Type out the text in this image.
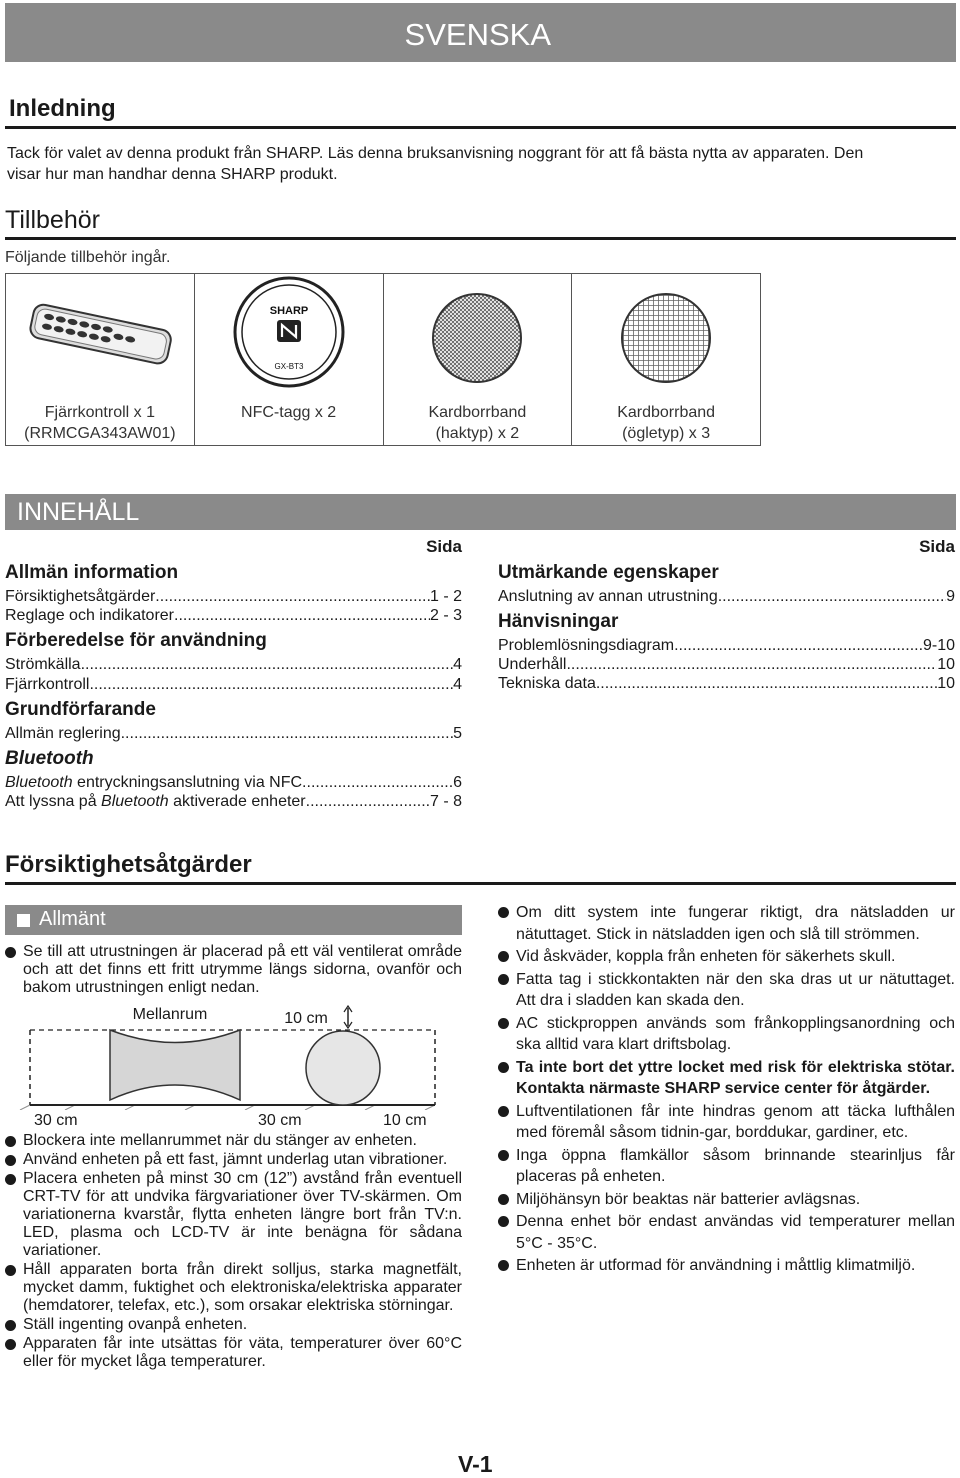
SVENSKA
Inledning
Tack för valet av denna produkt från SHARP. Läs denna bruksanvisning noggrant för att få bästa nytta av apparaten. Den
visar hur man handhar denna SHARP produkt.
Tillbehör
Följande tillbehör ingår.
Fjärrkontroll x 1
(RRMCGA343AW01)
SHARP
GX-BT3
NFC-tagg x 2	Kardborrband
(haktyp) x 2
Kardborrband
(ögletyp) x 3
INNEHÅLL
Sida
Allmän information
Försiktighetsåtgärder .....	1 - 2
Reglage och indikatorer .....	2 - 3
Förberedelse för användning
Strömkälla .....	4
Fjärrkontroll .....	4
Grundförfarande
Allmän reglering .....	5
Bluetooth
Bluetooth entryckningsanslutning via NFC .....	6
Att lyssna på Bluetooth aktiverade enheter .....	7 - 8
Sida
Utmärkande egenskaper
Anslutning av annan utrustning .....	9
Hänvisningar
Problemlösningsdiagram .....	9-10
Underhåll .....	10
Tekniska data .....	10
Försiktighetsåtgärder
Allmänt
Se till att utrustningen är placerad på ett väl ventilerat område och att det finns ett fritt utrymme längs sidorna, ovanför och bakom utrustningen enligt nedan.
Mellanrum	10 cm
30 cm	30 cm	10 cm
Blockera inte mellanrummet när du stänger av enheten.
Använd enheten på ett fast, jämnt underlag utan vibrationer.
Placera enheten på minst 30 cm (12”) avstånd från eventuell CRT-TV för att undvika färgvariationer över TV-skärmen. Om variationerna kvarstår, flytta enheten längre bort från TV:n. LED, plasma och LCD-TV är inte benägna för sådana variationer.
Håll apparaten borta från direkt solljus, starka magnetfält, mycket damm, fuktighet och elektroniska/elektriska apparater (hemdatorer, telefax, etc.), som orsakar elektriska störningar.
Ställ ingenting ovanpå enheten.
Apparaten får inte utsättas för väta, temperaturer över 60°C eller för mycket låga temperaturer.
Om ditt system inte fungerar riktigt, dra nätsladden ur nätuttaget. Stick in nätsladden igen och slå till strömmen.
Vid åskväder, koppla från enheten för säkerhets skull.
Fatta tag i stickkontakten när den ska dras ut ur nätuttaget. Att dra i sladden kan skada den.
AC stickproppen används som frånkopplingsanordning och ska alltid vara klart driftsbolag.
Ta inte bort det yttre locket med risk för elektriska stötar. Kontakta närmaste SHARP service center för åtgärder.
Luftventilationen får inte hindras genom att täcka lufthålen med föremål såsom tidnin-gar, borddukar, gardiner, etc.
Inga öppna flamkällor såsom brinnande stearinljus får placeras på enheten.
Miljöhänsyn bör beaktas när batterier avlägsnas.
Denna enhet bör endast användas vid temperaturer mellan 5°C - 35°C.
Enheten är utformad för användning i måttlig klimatmiljö.
V-1
